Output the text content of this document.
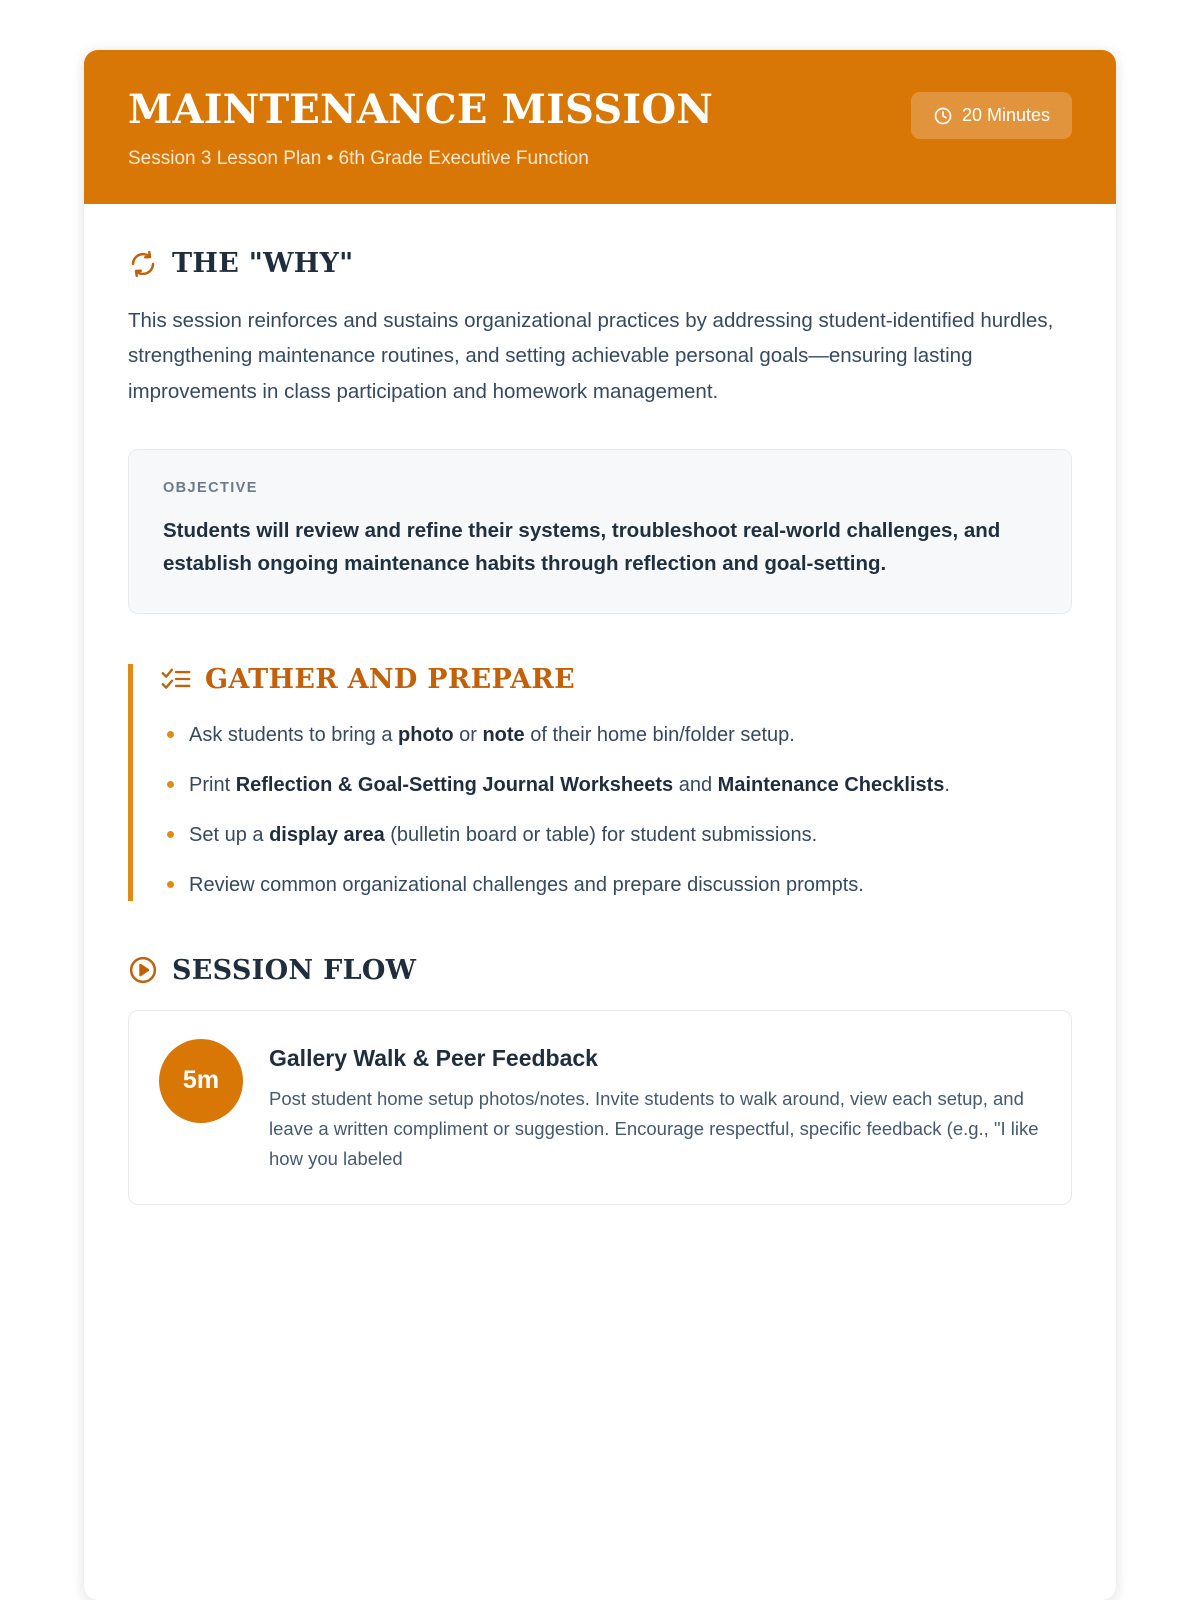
MAINTENANCE MISSION

Session 3 Lesson Plan • 6th Grade Executive Function

20 Minutes
THE "WHY"

This session reinforces and sustains organizational practices by addressing student-identified hurdles, strengthening maintenance routines, and setting achievable personal goals—ensuring lasting improvements in class participation and homework management.

OBJECTIVE
Students will review and refine their systems, troubleshoot real-world challenges, and establish ongoing maintenance habits through reflection and goal-setting.
GATHER AND PREPARE
Ask students to bring a photo or note of their home bin/folder setup.
Print Reflection & Goal-Setting Journal Worksheets and Maintenance Checklists.
Set up a display area (bulletin board or table) for student submissions.
Review common organizational challenges and prepare discussion prompts.
SESSION FLOW
5m
Gallery Walk & Peer Feedback

Post student home setup photos/notes. Invite students to walk around, view each setup, and leave a written compliment or suggestion. Encourage respectful, specific feedback (e.g., "I like how you labeled
